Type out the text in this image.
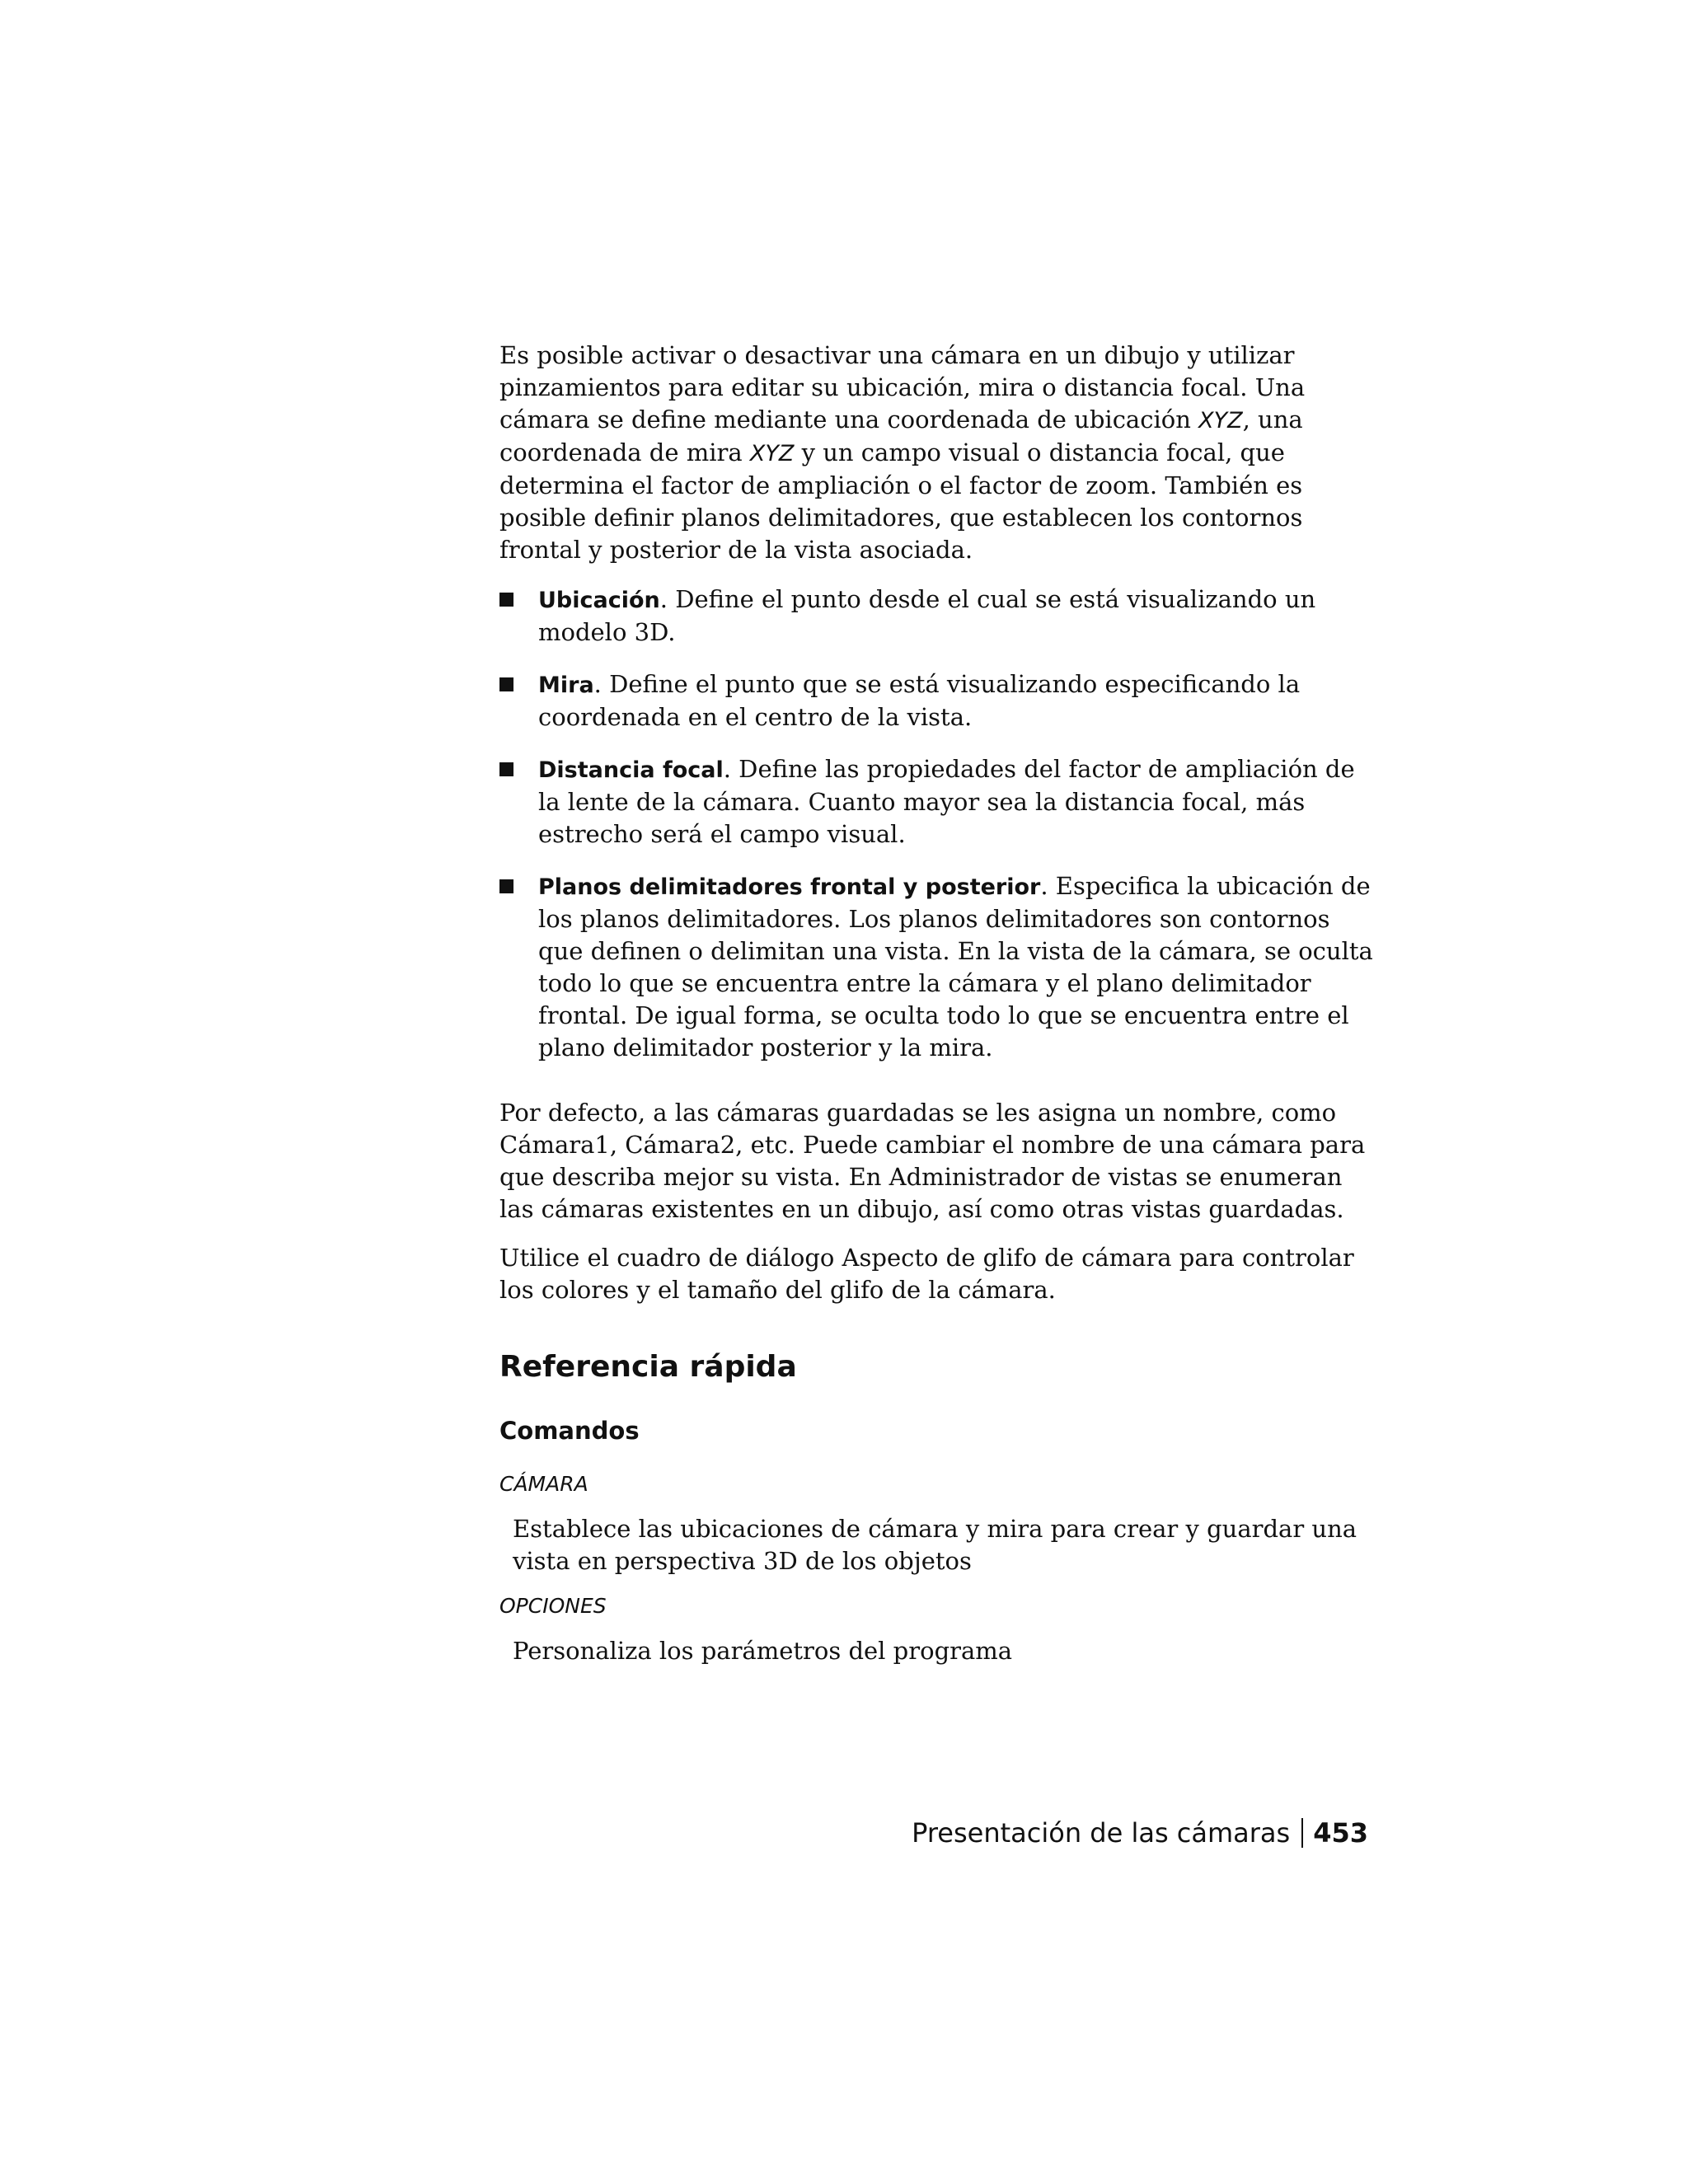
Es posible activar o desactivar una cámara en un dibujo y utilizar pinzamientos para editar su ubicación, mira o distancia focal. Una cámara se define mediante una coordenada de ubicación XYZ, una coordenada de mira XYZ y un campo visual o distancia focal, que determina el factor de ampliación o el factor de zoom. También es posible definir planos delimitadores, que establecen los contornos frontal y posterior de la vista asociada.

Ubicación. Define el punto desde el cual se está visualizando un modelo 3D.
Mira. Define el punto que se está visualizando especificando la coordenada en el centro de la vista.
Distancia focal. Define las propiedades del factor de ampliación de la lente de la cámara. Cuanto mayor sea la distancia focal, más estrecho será el campo visual.
Planos delimitadores frontal y posterior. Especifica la ubicación de los planos delimitadores. Los planos delimitadores son contornos que definen o delimitan una vista. En la vista de la cámara, se oculta todo lo que se encuentra entre la cámara y el plano delimitador frontal. De igual forma, se oculta todo lo que se encuentra entre el plano delimitador posterior y la mira.

Por defecto, a las cámaras guardadas se les asigna un nombre, como Cámara1, Cámara2, etc. Puede cambiar el nombre de una cámara para que describa mejor su vista. En Administrador de vistas se enumeran las cámaras existentes en un dibujo, así como otras vistas guardadas.

Utilice el cuadro de diálogo Aspecto de glifo de cámara para controlar los colores y el tamaño del glifo de la cámara.

Referencia rápida
Comandos
CÁMARA
Establece las ubicaciones de cámara y mira para crear y guardar una vista en perspectiva 3D de los objetos
OPCIONES
Personaliza los parámetros del programa
Presentación de las cámaras 453
